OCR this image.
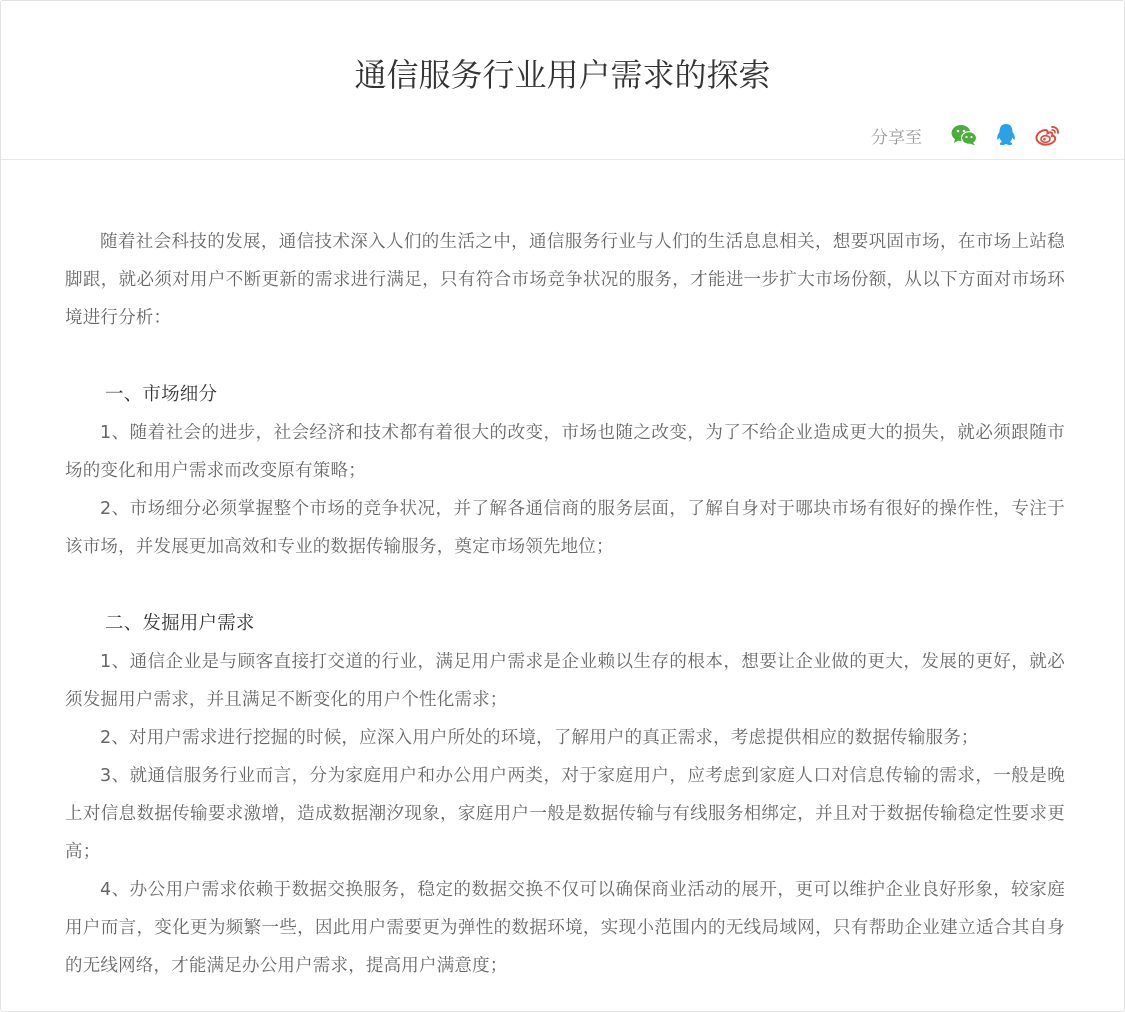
通信服务行业用户需求的探索
分享至

随着社会科技的发展，通信技术深入人们的生活之中，通信服务行业与人们的生活息息相关，想要巩固市场，在市场上站稳脚跟，就必须对用户不断更新的需求进行满足，只有符合市场竞争状况的服务，才能进一步扩大市场份额，从以下方面对市场环境进行分析：

一、市场细分

1、随着社会的进步，社会经济和技术都有着很大的改变，市场也随之改变，为了不给企业造成更大的损失，就必须跟随市场的变化和用户需求而改变原有策略；

2、市场细分必须掌握整个市场的竞争状况，并了解各通信商的服务层面，了解自身对于哪块市场有很好的操作性，专注于该市场，并发展更加高效和专业的数据传输服务，奠定市场领先地位；

二、发掘用户需求

1、通信企业是与顾客直接打交道的行业，满足用户需求是企业赖以生存的根本，想要让企业做的更大，发展的更好，就必须发掘用户需求，并且满足不断变化的用户个性化需求；

2、对用户需求进行挖掘的时候，应深入用户所处的环境，了解用户的真正需求，考虑提供相应的数据传输服务；

3、就通信服务行业而言，分为家庭用户和办公用户两类，对于家庭用户，应考虑到家庭人口对信息传输的需求，一般是晚上对信息数据传输要求激增，造成数据潮汐现象，家庭用户一般是数据传输与有线服务相绑定，并且对于数据传输稳定性要求更高；

4、办公用户需求依赖于数据交换服务，稳定的数据交换不仅可以确保商业活动的展开，更可以维护企业良好形象，较家庭用户而言，变化更为频繁一些，因此用户需要更为弹性的数据环境，实现小范围内的无线局域网，只有帮助企业建立适合其自身的无线网络，才能满足办公用户需求，提高用户满意度；
